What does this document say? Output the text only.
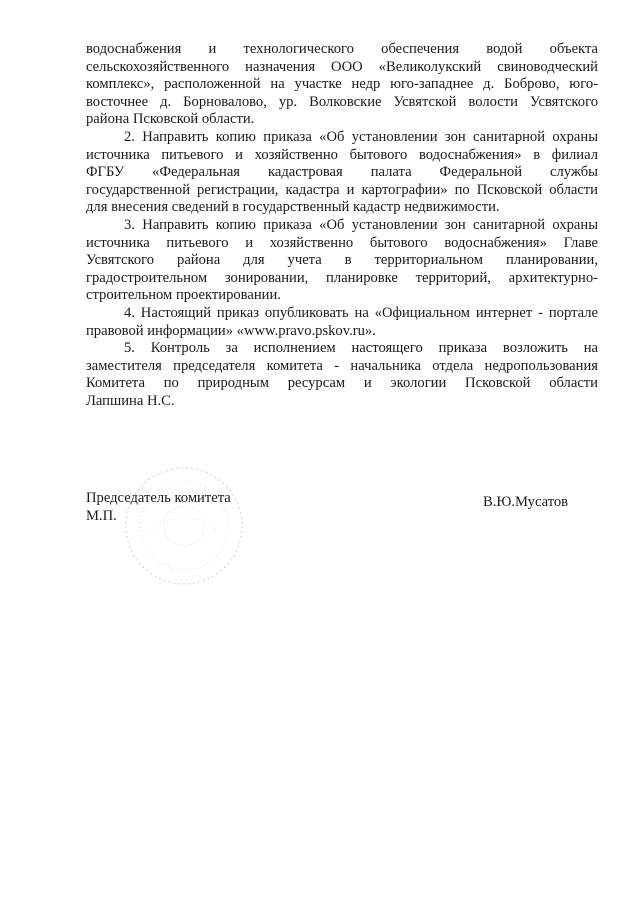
водоснабжения и технологического обеспечения водой объекта
сельскохозяйственного назначения ООО «Великолукский свиноводческий
комплекс», расположенной на участке недр юго-западнее д. Боброво, юго-
восточнее д. Борновалово, ур. Волковские Усвятской волости Усвятского
района Псковской области.
2. Направить копию приказа «Об установлении зон санитарной охраны
источника питьевого и хозяйственно бытового водоснабжения» в филиал
ФГБУ «Федеральная кадастровая палата Федеральной службы
государственной регистрации, кадастра и картографии» по Псковской области
для внесения сведений в государственный кадастр недвижимости.
3. Направить копию приказа «Об установлении зон санитарной охраны
источника питьевого и хозяйственно бытового водоснабжения» Главе
Усвятского района для учета в территориальном планировании,
градостроительном зонировании, планировке территорий, архитектурно-
строительном проектировании.
4. Настоящий приказ опубликовать на «Официальном интернет - портале
правовой информации» «www.pravo.pskov.ru».
5. Контроль за исполнением настоящего приказа возложить на
заместителя председателя комитета - начальника отдела недропользования
Комитета по природным ресурсам и экологии Псковской области
Лапшина Н.С.
Председатель комитета
М.П.
В.Ю.Мусатов
